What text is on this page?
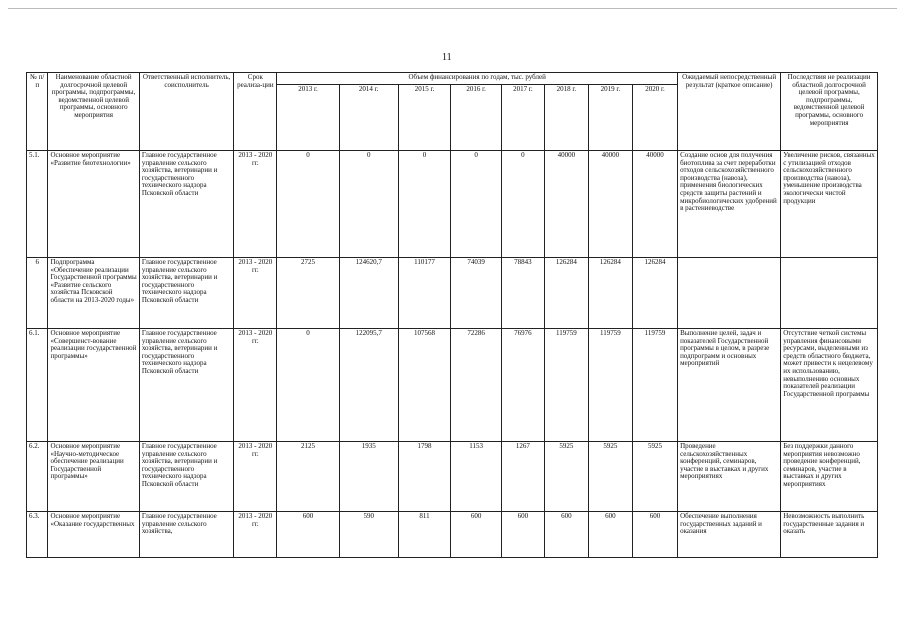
11
№ п/п	Наименование областной долгосрочной целевой программы, подпрограммы, ведомственной целевой программы, основного мероприятия	Ответственный исполнитель, соисполнитель	Срок реализа-ции	Объем финансирования по годам, тыс. рублей								Ожидаемый непосредственный результат (краткое описание)	Последствия не реализации областной долгосрочной целевой программы, подпрограммы, ведомственной целевой программы, основного мероприятия
				2013 г.	2014 г.	2015 г.	2016 г.	2017 г.	2018 г.	2019 г.	2020 г.		
5.1.	Основное мероприятие «Развитие биотехнологии»	Главное государственное управление сельского хозяйства, ветеринарии и государственного технического надзора Псковской области	2013 - 2020 гг.	0	0	0	0	0	40000	40000	40000	Создание основ для получения биотоплива за счет переработки отходов сельскохозяйственного производства (навоза), применения биологических средств защиты растений и микробиологических удобрений в растениеводстве	Увеличение рисков, связанных с утилизацией отходов сельскохозяйственного производства (навоза), уменьшение производства экологически чистой продукции
6	Подпрограмма «Обеспечение реализации Государственной программы «Развитие сельского хозяйства Псковской области на 2013-2020 годы»	Главное государственное управление сельского хозяйства, ветеринарии и государственного технического надзора Псковской области	2013 - 2020 гг.	2725	124620,7	110177	74039	78843	126284	126284	126284		
6.1.	Основное мероприятие «Совершенст-вование реализации государственной программы»	Главное государственное управление сельского хозяйства, ветеринарии и государственного технического надзора Псковской области	2013 - 2020 гг.	0	122095,7	107568	72286	76976	119759	119759	119759	Выполнение целей, задач и показателей Государственной программы в целом, в разрезе подпрограмм и основных мероприятий	Отсутствие четкой системы управления финансовыми ресурсами, выделенными из средств областного бюджета, может привести к нецелевому их использованию, невыполнению основных показателей реализации Государственной программы
6.2.	Основное мероприятие «Научно-методическое обеспечение реализации Государственной программы»	Главное государственное управление сельского хозяйства, ветеринарии и государственного технического надзора Псковской области	2013 - 2020 гг.	2125	1935	1798	1153	1267	5925	5925	5925	Проведение сельскохозяйственных конференций, семинаров, участие в выставках и других мероприятиях	Без поддержки данного мероприятия невозможно проведение конференций, семинаров, участие в выставках и других мероприятиях
6.3.	Основное мероприятие «Оказание государственных	Главное государственное управление сельского хозяйства,	2013 - 2020 гг.	600	590	811	600	600	600	600	600	Обеспечение выполнения государственных заданий и оказания	Невозможность выполнить государственные задания и оказать
